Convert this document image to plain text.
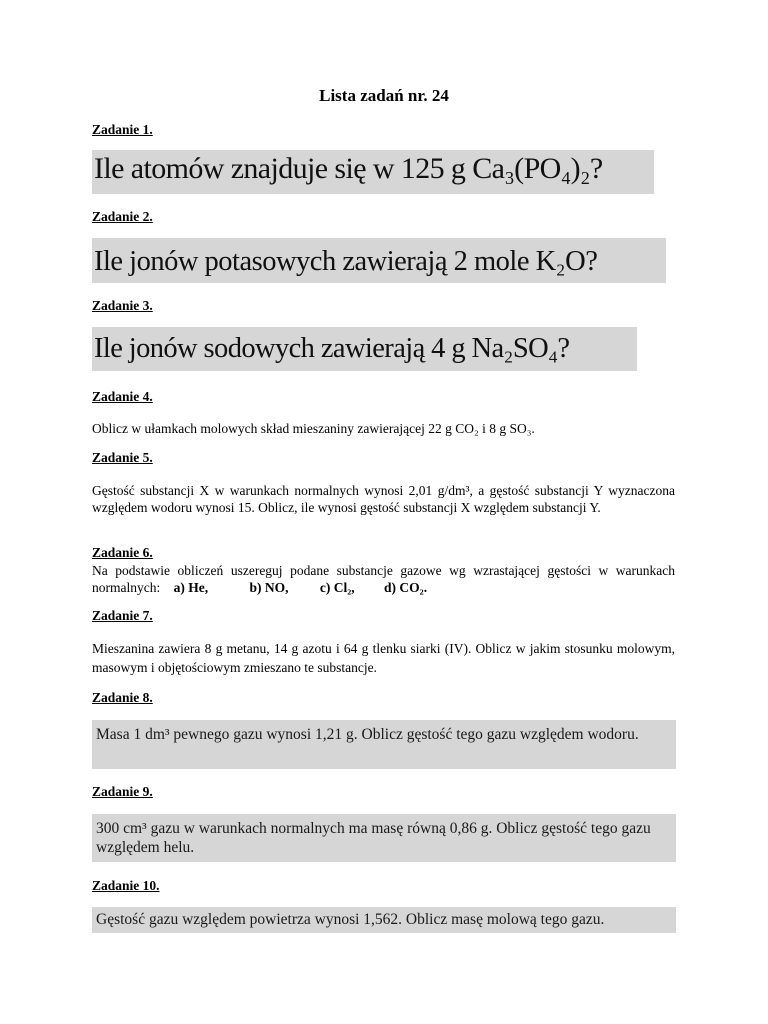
Lista zadań nr. 24
Zadanie 1.
Ile atomów znajduje się w 125 g Ca₃(PO₄)₂?
Zadanie 2.
Ile jonów potasowych zawierają 2 mole K₂O?
Zadanie 3.
Ile jonów sodowych zawierają 4 g Na₂SO₄?
Zadanie 4.
Oblicz w ułamkach molowych skład mieszaniny zawierającej 22 g CO₂ i 8 g SO₃.
Zadanie 5.
Gęstość substancji X w warunkach normalnych wynosi 2,01 g/dm³, a gęstość substancji Y wyznaczona względem wodoru wynosi 15. Oblicz, ile wynosi gęstość substancji X względem substancji Y.
Zadanie 6.
Na podstawie obliczeń uszereguj podane substancje gazowe wg wzrastającej gęstości w warunkach normalnych: a) He,	b) NO, c) Cl₂, d) CO₂.
Zadanie 7.
Mieszanina zawiera 8 g metanu, 14 g azotu i 64 g tlenku siarki (IV). Oblicz w jakim stosunku molowym, masowym i objętościowym zmieszano te substancje.
Zadanie 8.
Masa 1 dm³ pewnego gazu wynosi 1,21 g. Oblicz gęstość tego gazu względem wodoru.
Zadanie 9.
300 cm³ gazu w warunkach normalnych ma masę równą 0,86 g. Oblicz gęstość tego gazu względem helu.
Zadanie 10.
Gęstość gazu względem powietrza wynosi 1,562. Oblicz masę molową tego gazu.
